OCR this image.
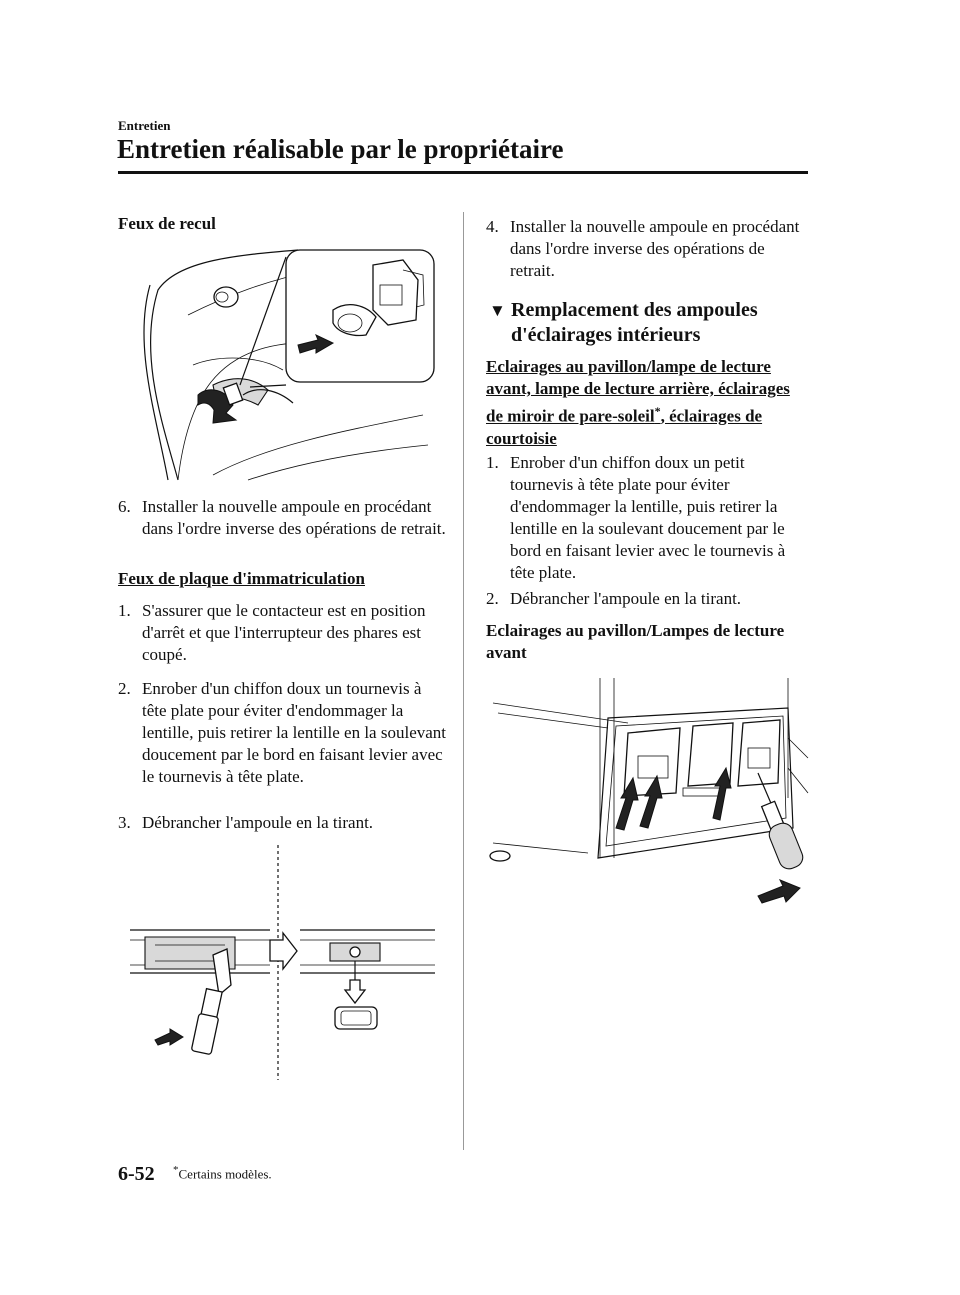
Entretien
Entretien réalisable par le propriétaire
Feux de recul
6. Installer la nouvelle ampoule en procédant dans l'ordre inverse des opérations de retrait.
Feux de plaque d'immatriculation
1. S'assurer que le contacteur est en position d'arrêt et que l'interrupteur des phares est coupé.
2. Enrober d'un chiffon doux un tournevis à tête plate pour éviter d'endommager la lentille, puis retirer la lentille en la soulevant doucement par le bord en faisant levier avec le tournevis à tête plate.
3. Débrancher l'ampoule en la tirant.
4. Installer la nouvelle ampoule en procédant dans l'ordre inverse des opérations de retrait.
▼ Remplacement des ampoules d'éclairages intérieurs
Eclairages au pavillon/lampe de lecture avant, lampe de lecture arrière, éclairages de miroir de pare-soleil*, éclairages de courtoisie
1. Enrober d'un chiffon doux un petit tournevis à tête plate pour éviter d'endommager la lentille, puis retirer la lentille en la soulevant doucement par le bord en faisant levier avec le tournevis à tête plate.
2. Débrancher l'ampoule en la tirant.
Eclairages au pavillon/Lampes de lecture avant
6-52 *Certains modèles.
